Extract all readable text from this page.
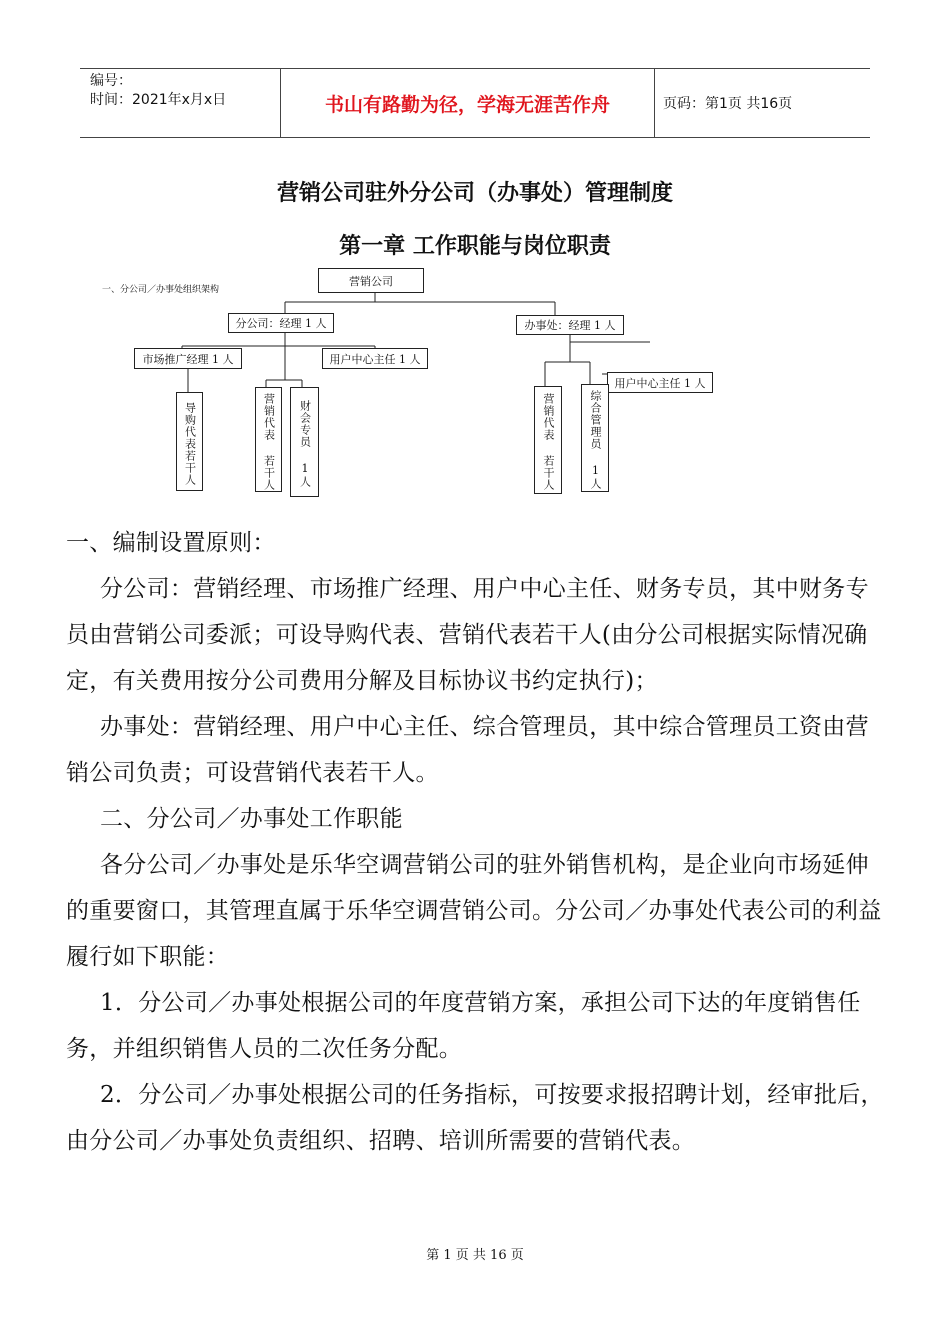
编号：
时间：2021年x月x日	书山有路勤为径，学海无涯苦作舟	页码：第1页 共16页
营销公司驻外分公司（办事处）管理制度
第一章 工作职能与岗位职责
一、分公司／办事处组织架构
营销公司
分公司：经理 1 人	办事处：经理 1 人
市场推广经理 1 人	用户中心主任 1 人
用户中心主任 1 人
导购代表若干人	营销代表 若干人	财会专员 1人	营销代表 若干人	综合管理员 1人

一、编制设置原则：

分公司：营销经理、市场推广经理、用户中心主任、财务专员，其中财务专员由营销公司委派；可设导购代表、营销代表若干人(由分公司根据实际情况确定，有关费用按分公司费用分解及目标协议书约定执行)；

办事处：营销经理、用户中心主任、综合管理员，其中综合管理员工资由营销公司负责；可设营销代表若干人。

二、分公司／办事处工作职能

各分公司／办事处是乐华空调营销公司的驻外销售机构，是企业向市场延伸的重要窗口，其管理直属于乐华空调营销公司。分公司／办事处代表公司的利益履行如下职能：

1．分公司／办事处根据公司的年度营销方案，承担公司下达的年度销售任务，并组织销售人员的二次任务分配。

2．分公司／办事处根据公司的任务指标，可按要求报招聘计划，经审批后，由分公司／办事处负责组织、招聘、培训所需要的营销代表。

第 1 页 共 16 页
